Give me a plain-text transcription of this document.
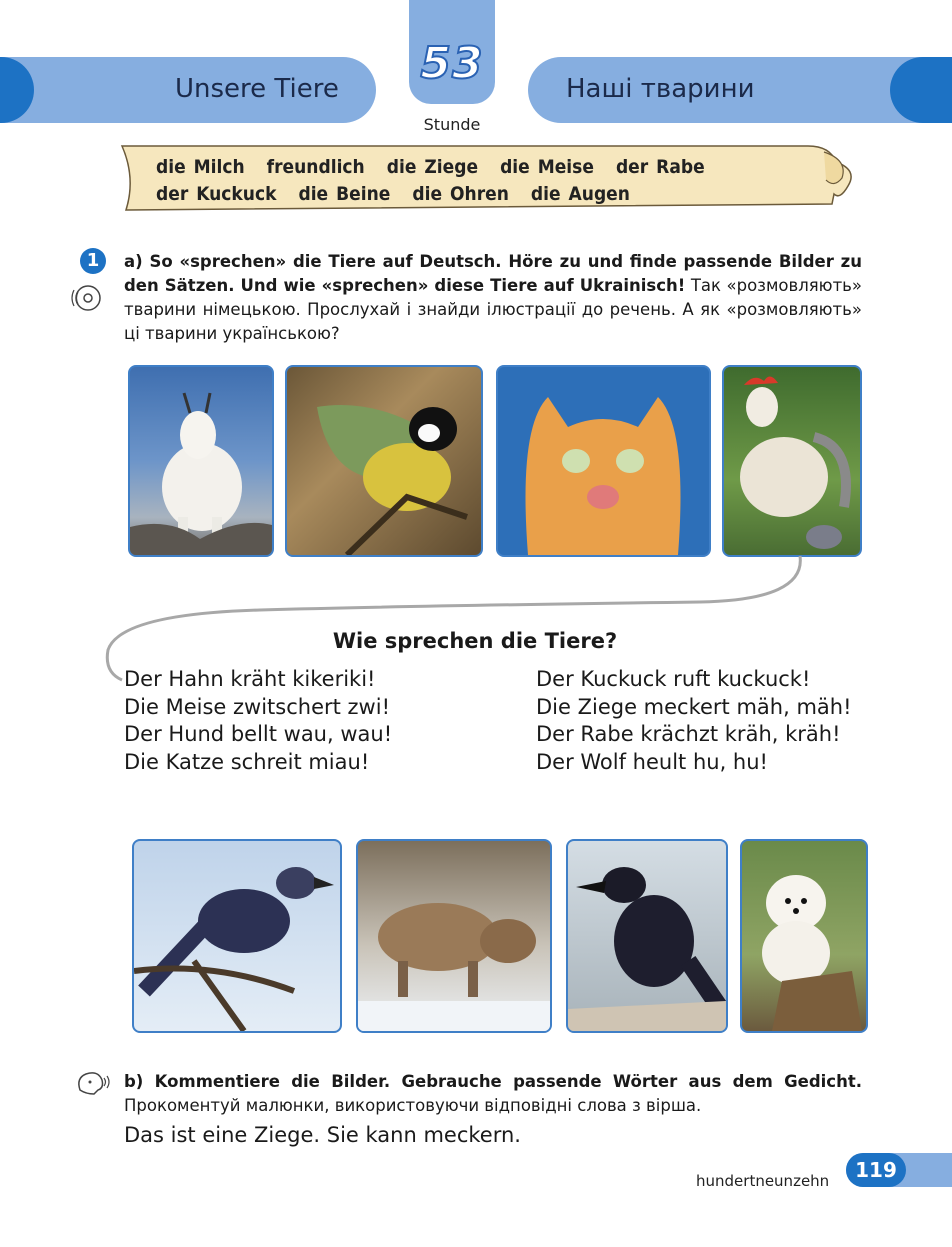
Unsere Tiere	Наші тварини
53
Stunde
die Milch freundlich die Ziege die Meise der Rabe
der Kuckuck die Beine die Ohren die Augen
1	a) So «sprechen» die Tiere auf Deutsch. Höre zu und finde passende Bilder zu den Sätzen. Und wie «sprechen» diese Tiere auf Ukrainisch! Так «розмовляють» тварини німецькою. Прослухай і знайди ілюстрації до речень. А як «розмовляють» ці тварини українською?
Wie sprechen die Tiere?
Der Hahn kräht kikeriki!
Die Meise zwitschert zwi!
Der Hund bellt wau, wau!
Die Katze schreit miau!
Der Kuckuck ruft kuckuck!
Die Ziege meckert mäh, mäh!
Der Rabe krächzt kräh, kräh!
Der Wolf heult hu, hu!
b) Kommentiere die Bilder. Gebrauche passende Wörter aus dem Gedicht.
Прокоментуй малюнки, використовуючи відповідні слова з вірша.
Das ist eine Ziege. Sie kann meckern.
hundertneunzehn	119
